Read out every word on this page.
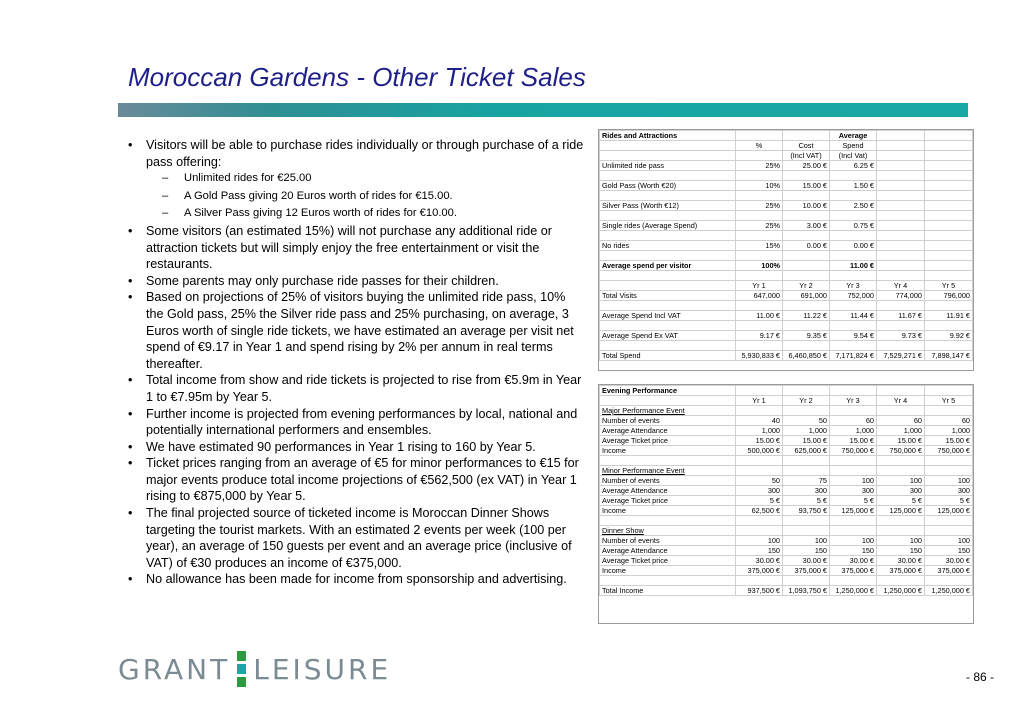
Moroccan Gardens - Other Ticket Sales
• Visitors will be able to purchase rides individually or through purchase of a ride pass offering:
– Unlimited rides for €25.00
– A Gold Pass giving 20 Euros worth of rides for €15.00.
– A Silver Pass giving 12 Euros worth of rides for €10.00.
• Some visitors (an estimated 15%) will not purchase any additional ride or attraction tickets but will simply enjoy the free entertainment or visit the restaurants.
• Some parents may only purchase ride passes for their children.
• Based on projections of 25% of visitors buying the unlimited ride pass, 10% the Gold pass, 25% the Silver ride pass and 25% purchasing, on average, 3 Euros worth of single ride tickets, we have estimated an average per visit net spend of €9.17 in Year 1 and spend rising by 2% per annum in real terms thereafter.
• Total income from show and ride tickets is projected to rise from €5.9m in Year 1 to €7.95m by Year 5.
• Further income is projected from evening performances by local, national and potentially international performers and ensembles.
• We have estimated 90 performances in Year 1 rising to 160 by Year 5.
• Ticket prices ranging from an average of €5 for minor performances to €15 for major events produce total income projections of €562,500 (ex VAT) in Year 1 rising to €875,000 by Year 5.
• The final projected source of ticketed income is Moroccan Dinner Shows targeting the tourist markets. With an estimated 2 events per week (100 per year), an average of 150 guests per event and an average price (inclusive of VAT) of €30 produces an income of €375,000.
• No allowance has been made for income from sponsorship and advertising.
Rides and Attractions			Average		
	%	Cost	Spend		
		(Incl VAT)	(Incl Vat)		
Unlimited ride pass	25%	25.00 €	6.25 €		

Gold Pass (Worth €20)	10%	15.00 €	1.50 €		

Silver Pass (Worth €12)	25%	10.00 €	2.50 €		

Single rides (Average Spend)	25%	3.00 €	0.75 €		

No rides	15%	0.00 €	0.00 €		

Average spend per visitor	100%		11.00 €		

	Yr 1	Yr 2	Yr 3	Yr 4	Yr 5
Total Visits	647,000	691,000	752,000	774,000	796,000

Average Spend Incl VAT	11.00 €	11.22 €	11.44 €	11.67 €	11.91 €

Average Spend Ex VAT	9.17 €	9.35 €	9.54 €	9.73 €	9.92 €

Total Spend	5,930,833 €	6,460,850 €	7,171,824 €	7,529,271 €	7,898,147 €
Evening Performance					
	Yr 1	Yr 2	Yr 3	Yr 4	Yr 5
Major Performance Event					
Number of events	40	50	60	60	60
Average Attendance	1,000	1,000	1,000	1,000	1,000
Average Ticket price	15.00 €	15.00 €	15.00 €	15.00 €	15.00 €
Income	500,000 €	625,000 €	750,000 €	750,000 €	750,000 €

Minor Performance Event					
Number of events	50	75	100	100	100
Average Attendance	300	300	300	300	300
Average Ticket price	5 €	5 €	5 €	5 €	5 €
Income	62,500 €	93,750 €	125,000 €	125,000 €	125,000 €

Dinner Show					
Number of events	100	100	100	100	100
Average Attendance	150	150	150	150	150
Average Ticket price	30.00 €	30.00 €	30.00 €	30.00 €	30.00 €
Income	375,000 €	375,000 €	375,000 €	375,000 €	375,000 €

Total Income	937,500 €	1,093,750 €	1,250,000 €	1,250,000 €	1,250,000 €
GRANT LEISURE	- 86 -
